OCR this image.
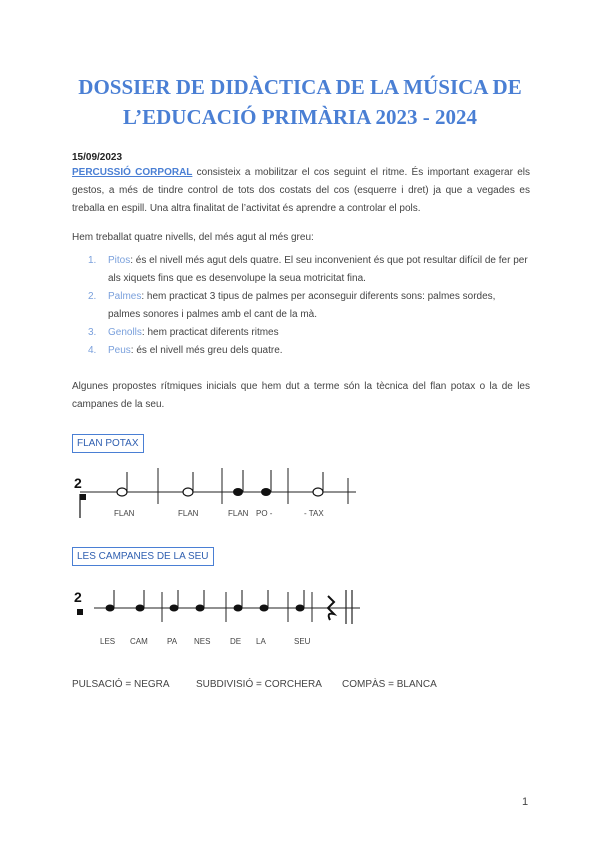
DOSSIER DE DIDÀCTICA DE LA MÚSICA DE
L’EDUCACIÓ PRIMÀRIA 2023 - 2024
15/09/2023

PERCUSSIÓ CORPORAL consisteix a mobilitzar el cos seguint el ritme. És important exagerar els gestos, a més de tindre control de tots dos costats del cos (esquerre i dret) ja que a vegades es treballa en espill. Una altra finalitat de l’activitat és aprendre a controlar el pols.

Hem treballat quatre nivells, del més agut al més greu:

1. Pitos: és el nivell més agut dels quatre. El seu inconvenient és que pot resultar difícil de fer per als xiquets fins que es desenvolupe la seua motricitat fina.
2. Palmes: hem practicat 3 tipus de palmes per aconseguir diferents sons: palmes sordes, palmes sonores i palmes amb el cant de la mà.
3. Genolls: hem practicat diferents ritmes
4. Peus: és el nivell més greu dels quatre.

Algunes propostes rítmiques inicials que hem dut a terme són la tècnica del flan potax o la de les campanes de la seu.

FLAN POTAX
2
FLAN	FLAN	FLAN PO -	- TAX
LES CAMPANES DE LA SEU
2
LES CAM PA NES DE LA	SEU
PULSACIÓ = NEGRA	SUBDIVISIÓ = CORCHERA COMPÀS = BLANCA
1
